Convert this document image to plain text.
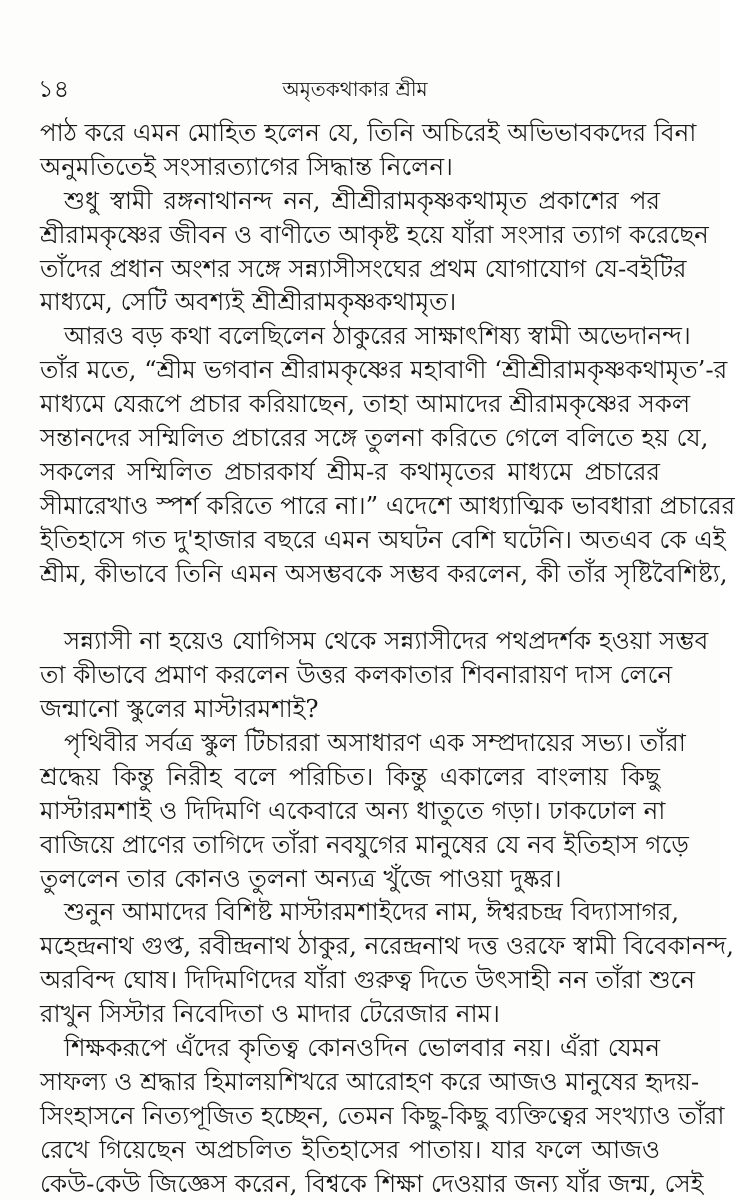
১৪	অমৃতকথাকার শ্রীম

পাঠ করে এমন মোহিত হলেন যে, তিনি অচিরেই অভিভাবকদের বিনা
অনুমতিতেই সংসারত্যাগের সিদ্ধান্ত নিলেন।

শুধু স্বামী রঙ্গনাথানন্দ নন, শ্রীশ্রীরামকৃষ্ণকথামৃত প্রকাশের পর
শ্রীরামকৃষ্ণের জীবন ও বাণীতে আকৃষ্ট হয়ে যাঁরা সংসার ত্যাগ করেছেন
তাঁদের প্রধান অংশর সঙ্গে সন্ন্যাসীসংঘের প্রথম যোগাযোগ যে-বইটির
মাধ্যমে, সেটি অবশ্যই শ্রীশ্রীরামকৃষ্ণকথামৃত।

আরও বড় কথা বলেছিলেন ঠাকুরের সাক্ষাৎশিষ্য স্বামী অভেদানন্দ।
তাঁর মতে, “শ্রীম ভগবান শ্রীরামকৃষ্ণের মহাবাণী ‘শ্রীশ্রীরামকৃষ্ণকথামৃত’-র
মাধ্যমে যেরূপে প্রচার করিয়াছেন, তাহা আমাদের শ্রীরামকৃষ্ণের সকল
সন্তানদের সম্মিলিত প্রচারের সঙ্গে তুলনা করিতে গেলে বলিতে হয় যে,
সকলের সম্মিলিত প্রচারকার্য শ্রীম-র কথামৃতের মাধ্যমে প্রচারের
সীমারেখাও স্পর্শ করিতে পারে না।” এদেশে আধ্যাত্মিক ভাবধারা প্রচারের
ইতিহাসে গত দু'হাজার বছরে এমন অঘটন বেশি ঘটেনি। অতএব কে এই
শ্রীম, কীভাবে তিনি এমন অসম্ভবকে সম্ভব করলেন, কী তাঁর সৃষ্টিবৈশিষ্ট্য,

সন্ন্যাসী না হয়েও যোগিসম থেকে সন্ন্যাসীদের পথপ্রদর্শক হওয়া সম্ভব
তা কীভাবে প্রমাণ করলেন উত্তর কলকাতার শিবনারায়ণ দাস লেনে
জন্মানো স্কুলের মাস্টারমশাই?

পৃথিবীর সর্বত্র স্কুল টিচাররা অসাধারণ এক সম্প্রদায়ের সভ্য। তাঁরা
শ্রদ্ধেয় কিন্তু নিরীহ বলে পরিচিত। কিন্তু একালের বাংলায় কিছু
মাস্টারমশাই ও দিদিমণি একেবারে অন্য ধাতুতে গড়া। ঢাকঢোল না
বাজিয়ে প্রাণের তাগিদে তাঁরা নবযুগের মানুষের যে নব ইতিহাস গড়ে
তুললেন তার কোনও তুলনা অন্যত্র খুঁজে পাওয়া দুষ্কর।

শুনুন আমাদের বিশিষ্ট মাস্টারমশাইদের নাম, ঈশ্বরচন্দ্র বিদ্যাসাগর,
মহেন্দ্রনাথ গুপ্ত, রবীন্দ্রনাথ ঠাকুর, নরেন্দ্রনাথ দত্ত ওরফে স্বামী বিবেকানন্দ,
অরবিন্দ ঘোষ। দিদিমণিদের যাঁরা গুরুত্ব দিতে উৎসাহী নন তাঁরা শুনে
রাখুন সিস্টার নিবেদিতা ও মাদার টেরেজার নাম।

শিক্ষকরূপে এঁদের কৃতিত্ব কোনওদিন ভোলবার নয়। এঁরা যেমন
সাফল্য ও শ্রদ্ধার হিমালয়শিখরে আরোহণ করে আজও মানুষের হৃদয়-
সিংহাসনে নিত্যপূজিত হচ্ছেন, তেমন কিছু-কিছু ব্যক্তিত্বের সংখ্যাও তাঁরা
রেখে গিয়েছেন অপ্রচলিত ইতিহাসের পাতায়। যার ফলে আজও
কেউ-কেউ জিজ্ঞেস করেন, বিশ্বকে শিক্ষা দেওয়ার জন্য যাঁর জন্ম, সেই
